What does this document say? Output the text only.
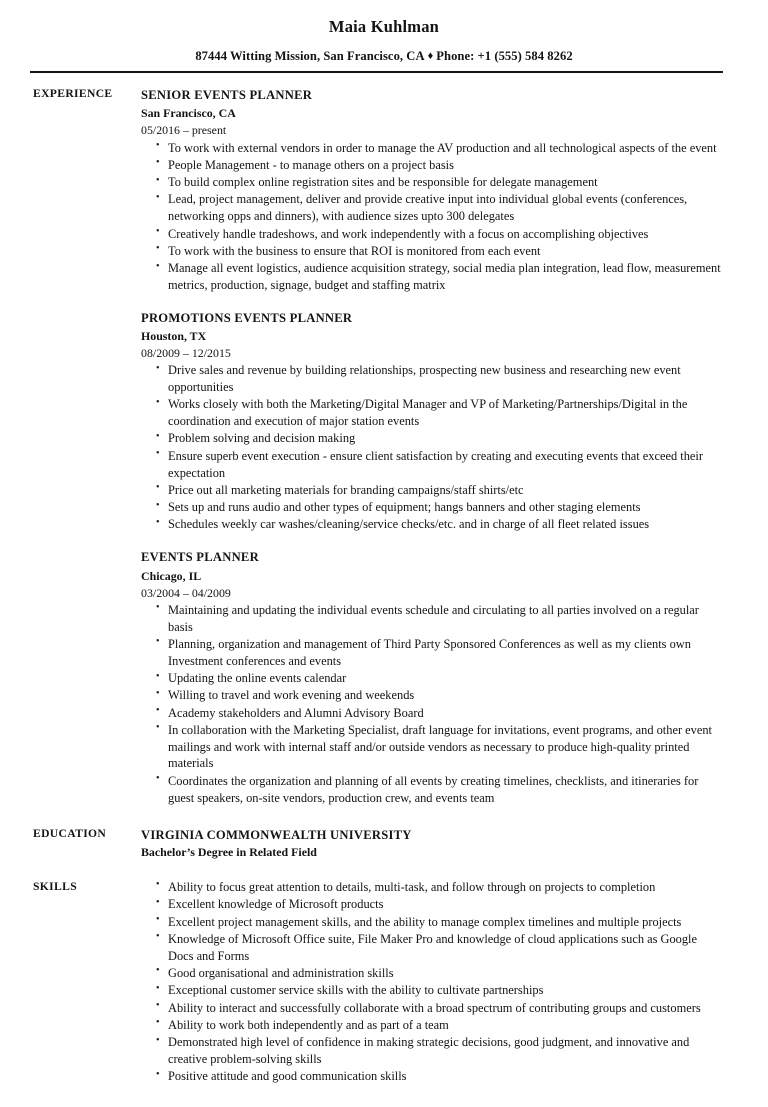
Maia Kuhlman
87444 Witting Mission, San Francisco, CA ♦ Phone: +1 (555) 584 8262
EXPERIENCE	SENIOR EVENTS PLANNER
San Francisco, CA
05/2016 – present
• To work with external vendors in order to manage the AV production and all technological aspects of the event
• People Management - to manage others on a project basis
• To build complex online registration sites and be responsible for delegate management
• Lead, project management, deliver and provide creative input into individual global events (conferences, networking opps and dinners), with audience sizes upto 300 delegates
• Creatively handle tradeshows, and work independently with a focus on accomplishing objectives
• To work with the business to ensure that ROI is monitored from each event
• Manage all event logistics, audience acquisition strategy, social media plan integration, lead flow, measurement metrics, production, signage, budget and staffing matrix
PROMOTIONS EVENTS PLANNER
Houston, TX
08/2009 – 12/2015
• Drive sales and revenue by building relationships, prospecting new business and researching new event opportunities
• Works closely with both the Marketing/Digital Manager and VP of Marketing/Partnerships/Digital in the coordination and execution of major station events
• Problem solving and decision making
• Ensure superb event execution - ensure client satisfaction by creating and executing events that exceed their expectation
• Price out all marketing materials for branding campaigns/staff shirts/etc
• Sets up and runs audio and other types of equipment; hangs banners and other staging elements
• Schedules weekly car washes/cleaning/service checks/etc. and in charge of all fleet related issues
EVENTS PLANNER
Chicago, IL
03/2004 – 04/2009
• Maintaining and updating the individual events schedule and circulating to all parties involved on a regular basis
• Planning, organization and management of Third Party Sponsored Conferences as well as my clients own Investment conferences and events
• Updating the online events calendar
• Willing to travel and work evening and weekends
• Academy stakeholders and Alumni Advisory Board
• In collaboration with the Marketing Specialist, draft language for invitations, event programs, and other event mailings and work with internal staff and/or outside vendors as necessary to produce high-quality printed materials
• Coordinates the organization and planning of all events by creating timelines, checklists, and itineraries for guest speakers, on-site vendors, production crew, and events team
EDUCATION	VIRGINIA COMMONWEALTH UNIVERSITY
Bachelor’s Degree in Related Field
SKILLS	• Ability to focus great attention to details, multi-task, and follow through on projects to completion
• Excellent knowledge of Microsoft products
• Excellent project management skills, and the ability to manage complex timelines and multiple projects
• Knowledge of Microsoft Office suite, File Maker Pro and knowledge of cloud applications such as Google Docs and Forms
• Good organisational and administration skills
• Exceptional customer service skills with the ability to cultivate partnerships
• Ability to interact and successfully collaborate with a broad spectrum of contributing groups and customers
• Ability to work both independently and as part of a team
• Demonstrated high level of confidence in making strategic decisions, good judgment, and innovative and creative problem-solving skills
• Positive attitude and good communication skills
